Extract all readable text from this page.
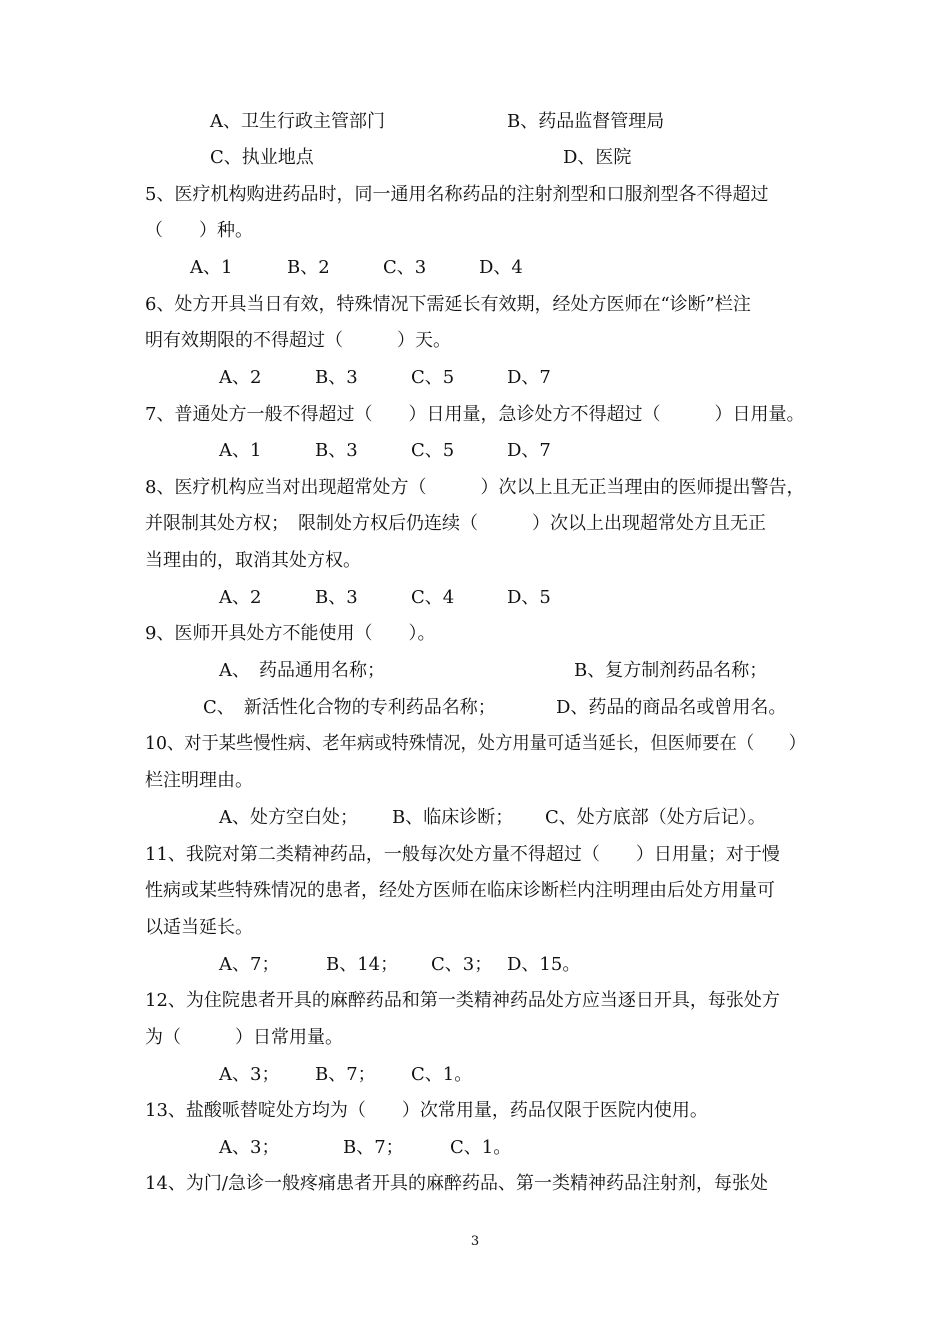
A、卫生行政主管部门	B、药品监督管理局
C、执业地点	D、医院
5、医疗机构购进药品时，同一通用名称药品的注射剂型和口服剂型各不得超过
（　　）种。
A、1	B、2	C、3	D、4
6、处方开具当日有效，特殊情况下需延长有效期，经处方医师在“诊断”栏注
明有效期限的不得超过（　　　）天。
A、2	B、3	C、5	D、7
7、普通处方一般不得超过（　　）日用量，急诊处方不得超过（　　　）日用量。
A、1	B、3	C、5	D、7
8、医疗机构应当对出现超常处方（　　　）次以上且无正当理由的医师提出警告，
并限制其处方权；　限制处方权后仍连续（　　　）次以上出现超常处方且无正
当理由的，取消其处方权。
A、2	B、3	C、4	D、5
9、医师开具处方不能使用（　　）。
A、　药品通用名称；	B、复方制剂药品名称；
C、　新活性化合物的专利药品名称；	D、药品的商品名或曾用名。
10、对于某些慢性病、老年病或特殊情况，处方用量可适当延长，但医师要在（　　）
栏注明理由。
A、处方空白处； B、临床诊断； C、处方底部（处方后记）。
11、我院对第二类精神药品，一般每次处方量不得超过（　　）日用量；对于慢
性病或某些特殊情况的患者，经处方医师在临床诊断栏内注明理由后处方用量可
以适当延长。
A、7；	B、14； C、3； D、15。
12、为住院患者开具的麻醉药品和第一类精神药品处方应当逐日开具，每张处方
为（　　　）日常用量。
A、3； B、7； C、1。
13、盐酸哌替啶处方均为（　　）次常用量，药品仅限于医院内使用。
A、3；	B、7；	C、1。
14、为门/急诊一般疼痛患者开具的麻醉药品、第一类精神药品注射剂，每张处
3
